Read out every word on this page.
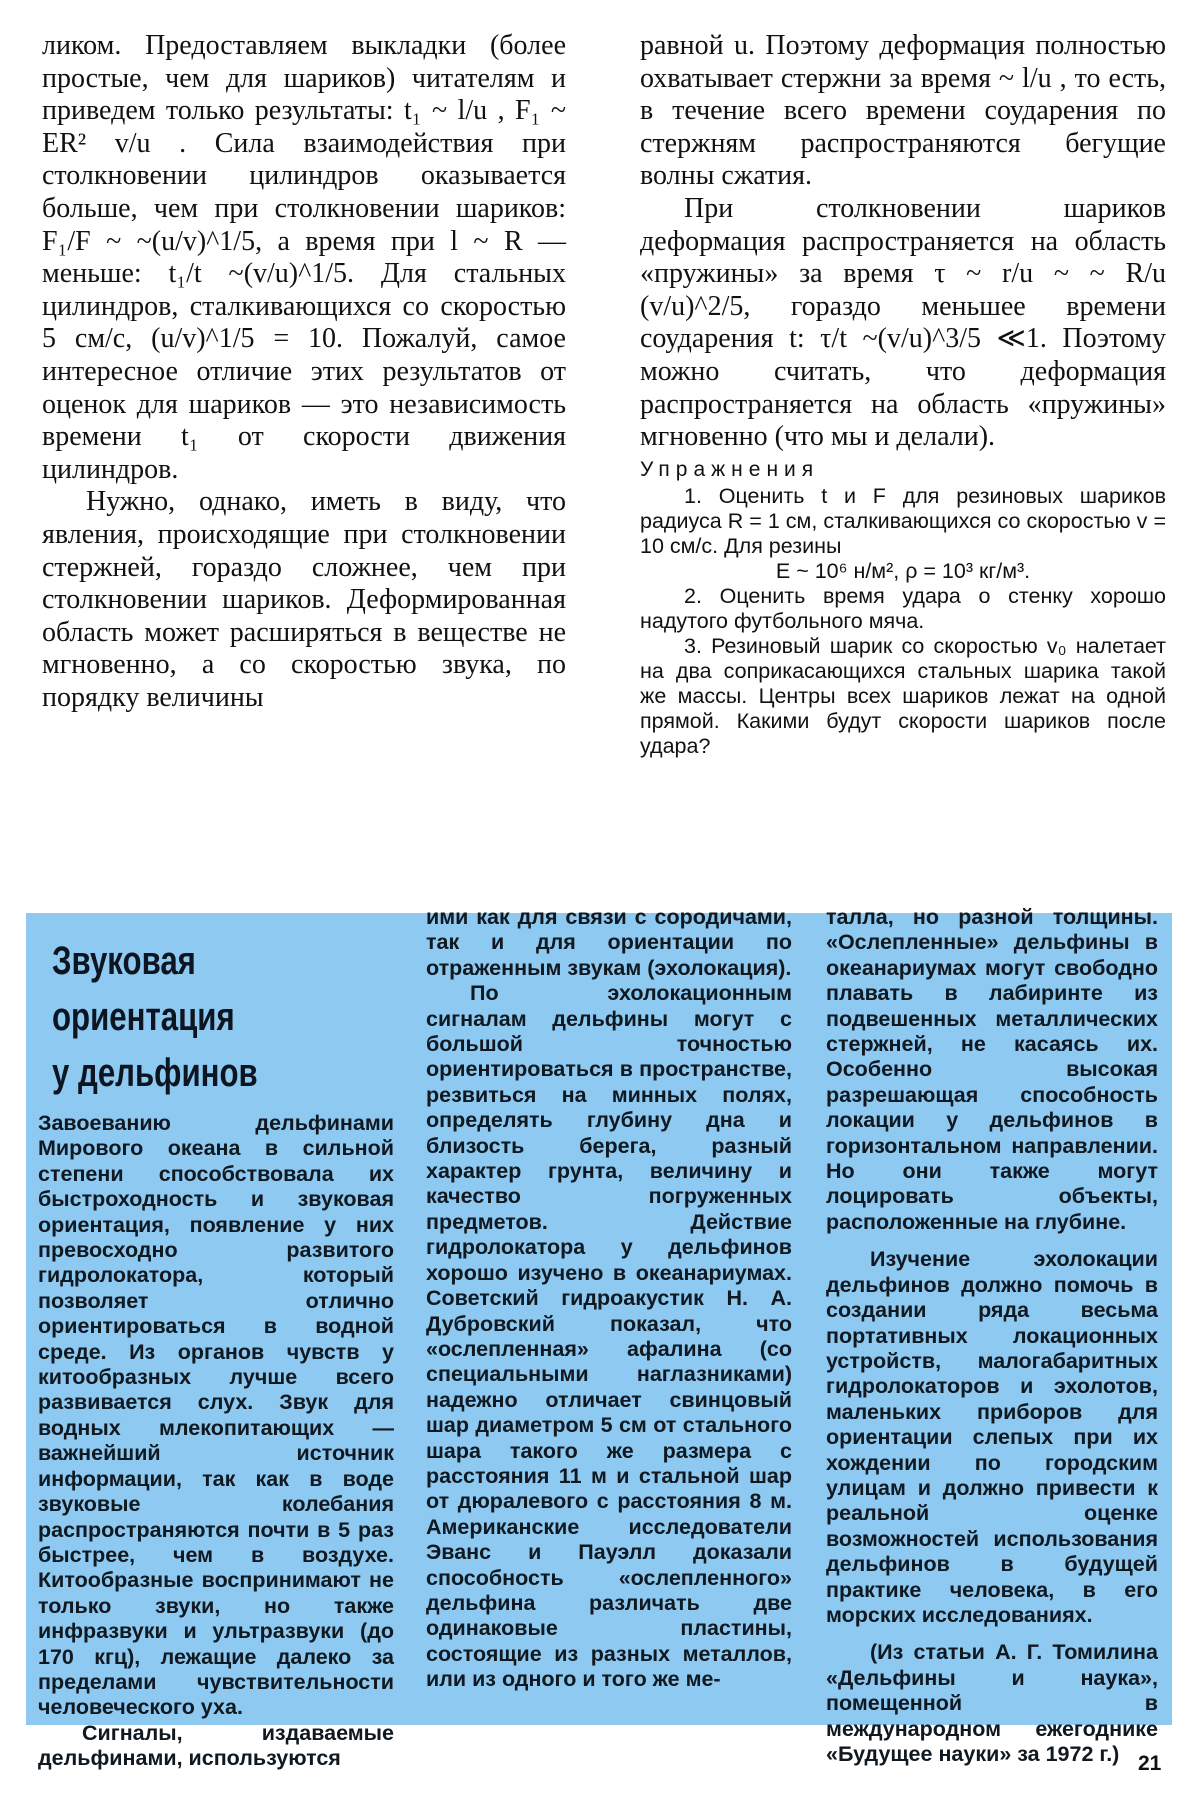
ликом. Предоставляем выкладки (более простые, чем для шариков) читателям и приведем только результаты: t₁ ~ l/u , F₁ ~ ER² v/u . Сила взаимодействия при столкновении цилиндров оказывается больше, чем при столкновении шариков: F₁/F ~ ~(u/v)^1/5, а время при l ~ R — меньше: t₁/t ~(v/u)^1/5. Для стальных цилиндров, сталкивающихся со скоростью 5 см/с, (u/v)^1/5 = 10. Пожалуй, самое интересное отличие этих результатов от оценок для шариков — это независимость времени t₁ от скорости движения цилиндров.

Нужно, однако, иметь в виду, что явления, происходящие при столкновении стержней, гораздо сложнее, чем при столкновении шариков. Деформированная область может расширяться в веществе не мгновенно, а со скоростью звука, по порядку величины

равной u. Поэтому деформация полностью охватывает стержни за время ~ l/u , то есть, в течение всего времени соударения по стержням распространяются бегущие волны сжатия.

При столкновении шариков деформация распространяется на область «пружины» за время τ ~ r/u ~ ~ R/u (v/u)^2/5, гораздо меньшее времени соударения t: τ/t ~(v/u)^3/5 ≪1. Поэтому можно считать, что деформация распространяется на область «пружины» мгновенно (что мы и делали).

Упражнения

1. Оценить t и F для резиновых шариков радиуса R = 1 см, сталкивающихся со скоростью v = 10 см/с. Для резины

E ~ 10⁶ н/м², ρ = 10³ кг/м³.

2. Оценить время удара о стенку хорошо надутого футбольного мяча.

3. Резиновый шарик со скоростью v₀ налетает на два соприкасающихся стальных шарика такой же массы. Центры всех шариков лежат на одной прямой. Какими будут скорости шариков после удара?

Звуковая
ориентация
у дельфинов

Завоеванию дельфинами Мирового океана в сильной степени способствовала их быстроходность и звуковая ориентация, появление у них превосходно развитого гидролокатора, который позволяет отлично ориентироваться в водной среде. Из органов чувств у китообразных лучше всего развивается слух. Звук для водных млекопитающих — важнейший источник информации, так как в воде звуковые колебания распространяются почти в 5 раз быстрее, чем в воздухе. Китообразные воспринимают не только звуки, но также инфразвуки и ультразвуки (до 170 кгц), лежащие далеко за пределами чувствительности человеческого уха.

Сигналы, издаваемые дельфинами, используются

ими как для связи с сородичами, так и для ориентации по отраженным звукам (эхолокация).

По эхолокационным сигналам дельфины могут с большой точностью ориентироваться в пространстве, резвиться на минных полях, определять глубину дна и близость берега, разный характер грунта, величину и качество погруженных предметов. Действие гидролокатора у дельфинов хорошо изучено в океанариумах. Советский гидроакустик Н. А. Дубровский показал, что «ослепленная» афалина (со специальными наглазниками) надежно отличает свинцовый шар диаметром 5 см от стального шара такого же размера с расстояния 11 м и стальной шар от дюралевого с расстояния 8 м. Американские исследователи Эванс и Пауэлл доказали способность «ослепленного» дельфина различать две одинаковые пластины, состоящие из разных металлов, или из одного и того же ме-

талла, но разной толщины. «Ослепленные» дельфины в океанариумах могут свободно плавать в лабиринте из подвешенных металлических стержней, не касаясь их. Особенно высокая разрешающая способность локации у дельфинов в горизонтальном направлении. Но они также могут лоцировать объекты, расположенные на глубине.

Изучение эхолокации дельфинов должно помочь в создании ряда весьма портативных локационных устройств, малогабаритных гидролокаторов и эхолотов, маленьких приборов для ориентации слепых при их хождении по городским улицам и должно привести к реальной оценке возможностей использования дельфинов в будущей практике человека, в его морских исследованиях.

(Из статьи А. Г. Томилина «Дельфины и наука», помещенной в международном ежегоднике «Будущее науки» за 1972 г.) 21
